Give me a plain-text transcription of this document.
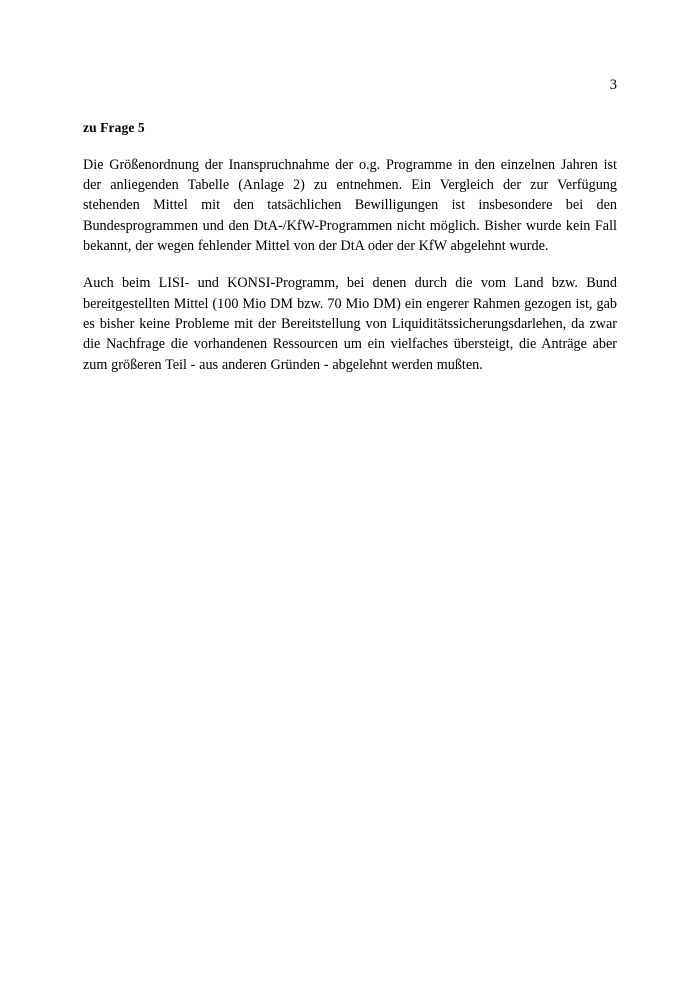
3
zu Frage 5

Die Größenordnung der Inanspruchnahme der o.g. Programme in den einzelnen Jahren ist der anliegenden Tabelle (Anlage 2) zu entnehmen. Ein Vergleich der zur Verfügung stehenden Mittel mit den tatsächlichen Bewilligungen ist insbesondere bei den Bundesprogrammen und den DtA-/KfW-Programmen nicht möglich. Bisher wurde kein Fall bekannt, der wegen fehlender Mittel von der DtA oder der KfW abgelehnt wurde.

Auch beim LISI- und KONSI-Programm, bei denen durch die vom Land bzw. Bund bereitgestellten Mittel (100 Mio DM bzw. 70 Mio DM) ein engerer Rahmen gezogen ist, gab es bisher keine Probleme mit der Bereitstellung von Liquiditätssicherungsdarlehen, da zwar die Nachfrage die vorhandenen Ressourcen um ein vielfaches übersteigt, die Anträge aber zum größeren Teil - aus anderen Gründen - abgelehnt werden mußten.
